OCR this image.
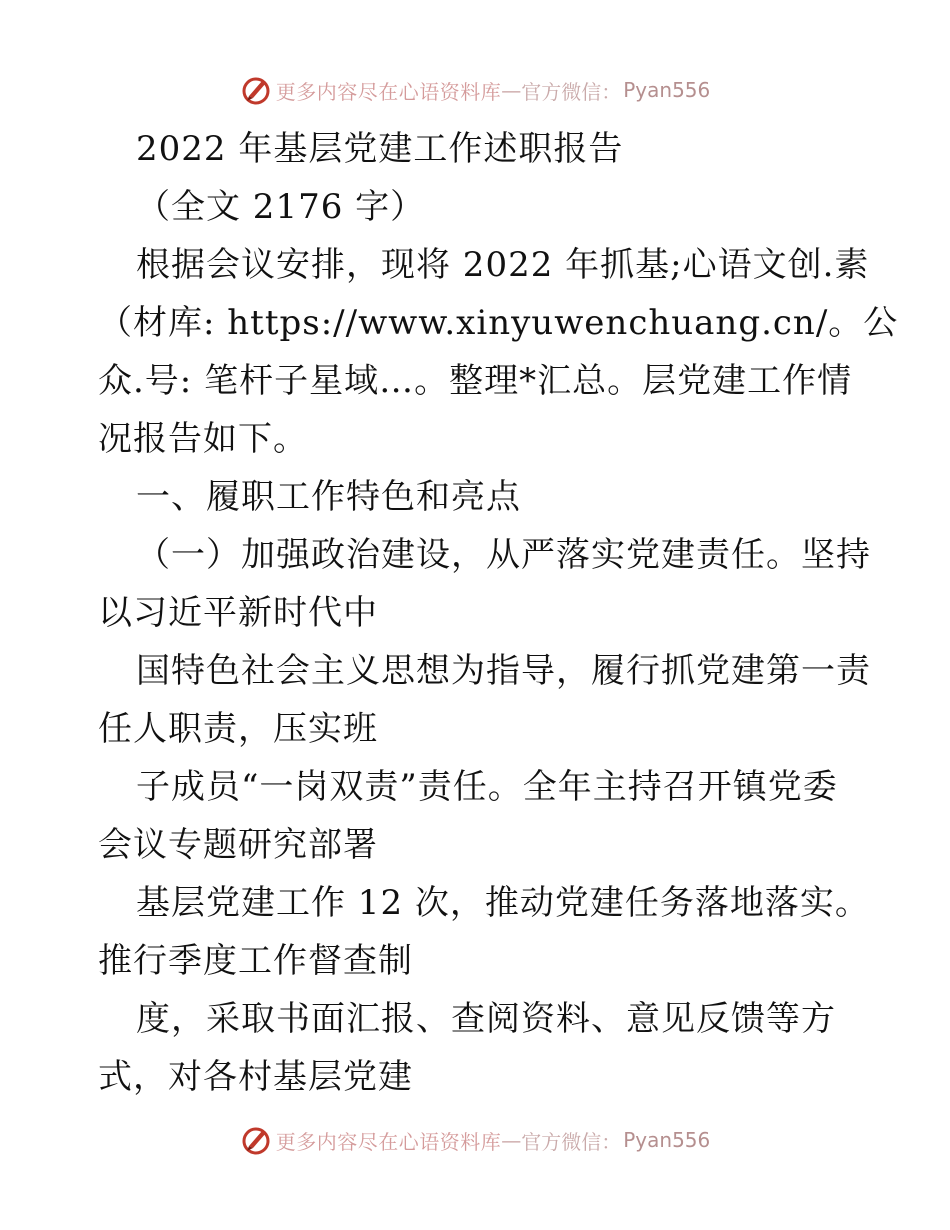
更多内容尽在心语资料库 — 官方微信： Pyan556

2022 年基层党建工作述职报告

（全文 2176 字）

根据会议安排，现将 2022 年抓基;心语文创.素

（材库: https://www.xinyuwenchuang.cn/。公

众.号: 笔杆子星域…。整理*汇总。层党建工作情

况报告如下。

一、履职工作特色和亮点

（一）加强政治建设，从严落实党建责任。坚持

以习近平新时代中

国特色社会主义思想为指导，履行抓党建第一责

任人职责，压实班

子成员“一岗双责”责任。全年主持召开镇党委

会议专题研究部署

基层党建工作 12 次，推动党建任务落地落实。

推行季度工作督查制

度，采取书面汇报、查阅资料、意见反馈等方

式，对各村基层党建

更多内容尽在心语资料库 — 官方微信： Pyan556
